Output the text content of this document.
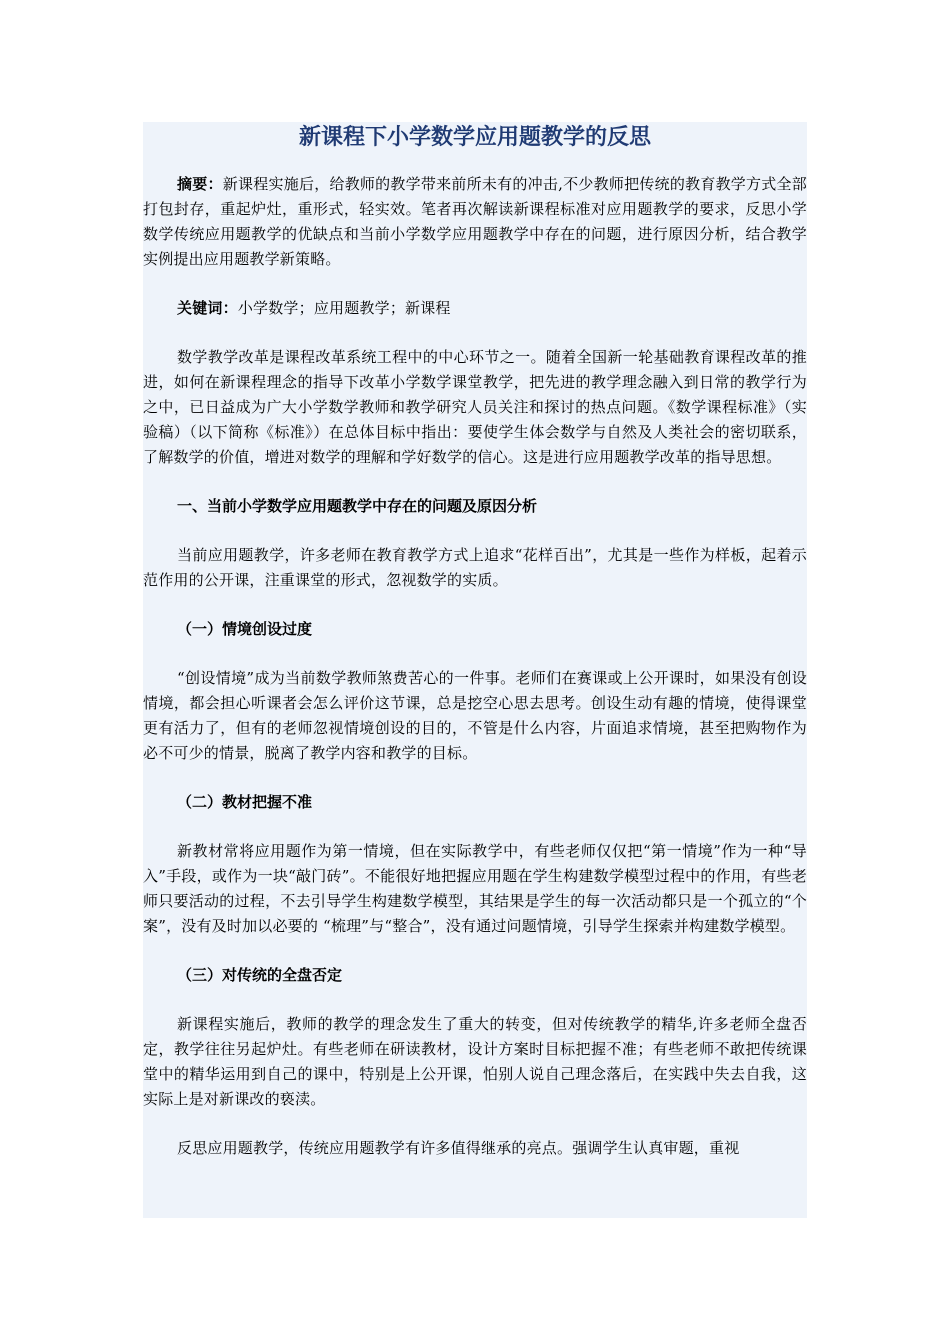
新课程下小学数学应用题教学的反思

摘要：新课程实施后，给教师的教学带来前所未有的冲击,不少教师把传统的教育教学方式全部打包封存，重起炉灶，重形式，轻实效。笔者再次解读新课程标准对应用题教学的要求，反思小学数学传统应用题教学的优缺点和当前小学数学应用题教学中存在的问题，进行原因分析，结合教学实例提出应用题教学新策略。

关键词：小学数学；应用题教学；新课程

数学教学改革是课程改革系统工程中的中心环节之一。随着全国新一轮基础教育课程改革的推进，如何在新课程理念的指导下改革小学数学课堂教学，把先进的教学理念融入到日常的教学行为之中，已日益成为广大小学数学教师和教学研究人员关注和探讨的热点问题。《数学课程标准》（实验稿）（以下简称《标准》）在总体目标中指出：要使学生体会数学与自然及人类社会的密切联系，了解数学的价值，增进对数学的理解和学好数学的信心。这是进行应用题教学改革的指导思想。

一、当前小学数学应用题教学中存在的问题及原因分析

当前应用题教学，许多老师在教育教学方式上追求“花样百出”，尤其是一些作为样板，起着示范作用的公开课，注重课堂的形式，忽视数学的实质。

（一）情境创设过度

“创设情境”成为当前数学教师煞费苦心的一件事。老师们在赛课或上公开课时，如果没有创设情境，都会担心听课者会怎么评价这节课，总是挖空心思去思考。创设生动有趣的情境，使得课堂更有活力了，但有的老师忽视情境创设的目的，不管是什么内容，片面追求情境，甚至把购物作为必不可少的情景，脱离了教学内容和教学的目标。

（二）教材把握不准

新教材常将应用题作为第一情境，但在实际教学中，有些老师仅仅把“第一情境”作为一种“导入”手段，或作为一块“敲门砖”。不能很好地把握应用题在学生构建数学模型过程中的作用，有些老师只要活动的过程，不去引导学生构建数学模型，其结果是学生的每一次活动都只是一个孤立的“个案”，没有及时加以必要的 “梳理”与“整合”，没有通过问题情境，引导学生探索并构建数学模型。

（三）对传统的全盘否定

新课程实施后，教师的教学的理念发生了重大的转变，但对传统教学的精华,许多老师全盘否定，教学往往另起炉灶。有些老师在研读教材，设计方案时目标把握不准；有些老师不敢把传统课堂中的精华运用到自己的课中，特别是上公开课，怕别人说自己理念落后，在实践中失去自我，这实际上是对新课改的亵渎。

反思应用题教学，传统应用题教学有许多值得继承的亮点。强调学生认真审题，重视
